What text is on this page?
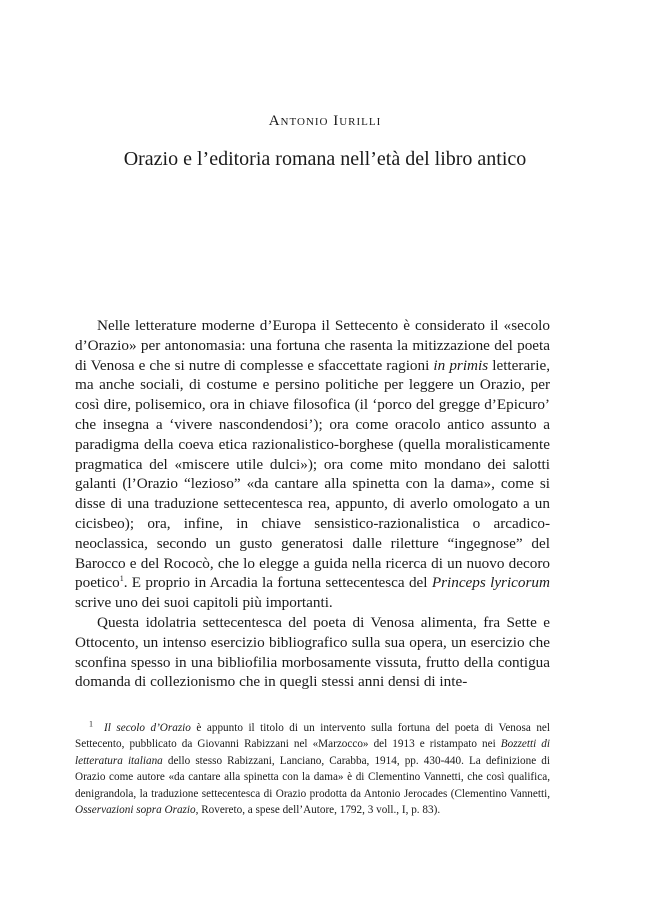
Antonio Iurilli
Orazio e l’editoria romana nell’età del libro antico

Nelle letterature moderne d’Europa il Settecento è considerato il «secolo d’Orazio» per antonomasia: una fortuna che rasenta la mitizzazione del poeta di Venosa e che si nutre di complesse e sfaccettate ragioni in primis letterarie, ma anche sociali, di costume e persino politiche per leggere un Orazio, per così dire, polisemico, ora in chiave filosofica (il ‘porco del gregge d’Epicuro’ che insegna a ‘vivere nascondendosi’); ora come oracolo antico assunto a paradigma della coeva etica razionalistico-borghese (quella moralisticamente pragmatica del «miscere utile dulci»); ora come mito mondano dei salotti galanti (l’Orazio “lezioso” «da cantare alla spinetta con la dama», come si disse di una traduzione settecentesca rea, appunto, di averlo omologato a un cicisbeo); ora, infine, in chiave sensistico-razionalistica o arcadico-neoclassica, secondo un gusto generatosi dalle riletture “ingegnose” del Barocco e del Rococò, che lo elegge a guida nella ricerca di un nuovo decoro poetico$^1$. E proprio in Arcadia la fortuna settecentesca del Princeps lyricorum scrive uno dei suoi capitoli più importanti.

Questa idolatria settecentesca del poeta di Venosa alimenta, fra Sette e Ottocento, un intenso esercizio bibliografico sulla sua opera, un esercizio che sconfina spesso in una bibliofilia morbosamente vissuta, frutto della contigua domanda di collezionismo che in quegli stessi anni densi di inte-

$^1$ Il secolo d’Orazio è appunto il titolo di un intervento sulla fortuna del poeta di Venosa nel Settecento, pubblicato da Giovanni Rabizzani nel «Marzocco» del 1913 e ristampato nei Bozzetti di letteratura italiana dello stesso Rabizzani, Lanciano, Carabba, 1914, pp. 430-440. La definizione di Orazio come autore «da cantare alla spinetta con la dama» è di Clementino Vannetti, che così qualifica, denigrandola, la traduzione settecentesca di Orazio prodotta da Antonio Jerocades (Clementino Vannetti, Osservazioni sopra Orazio, Rovereto, a spese dell’Autore, 1792, 3 voll., I, p. 83).
